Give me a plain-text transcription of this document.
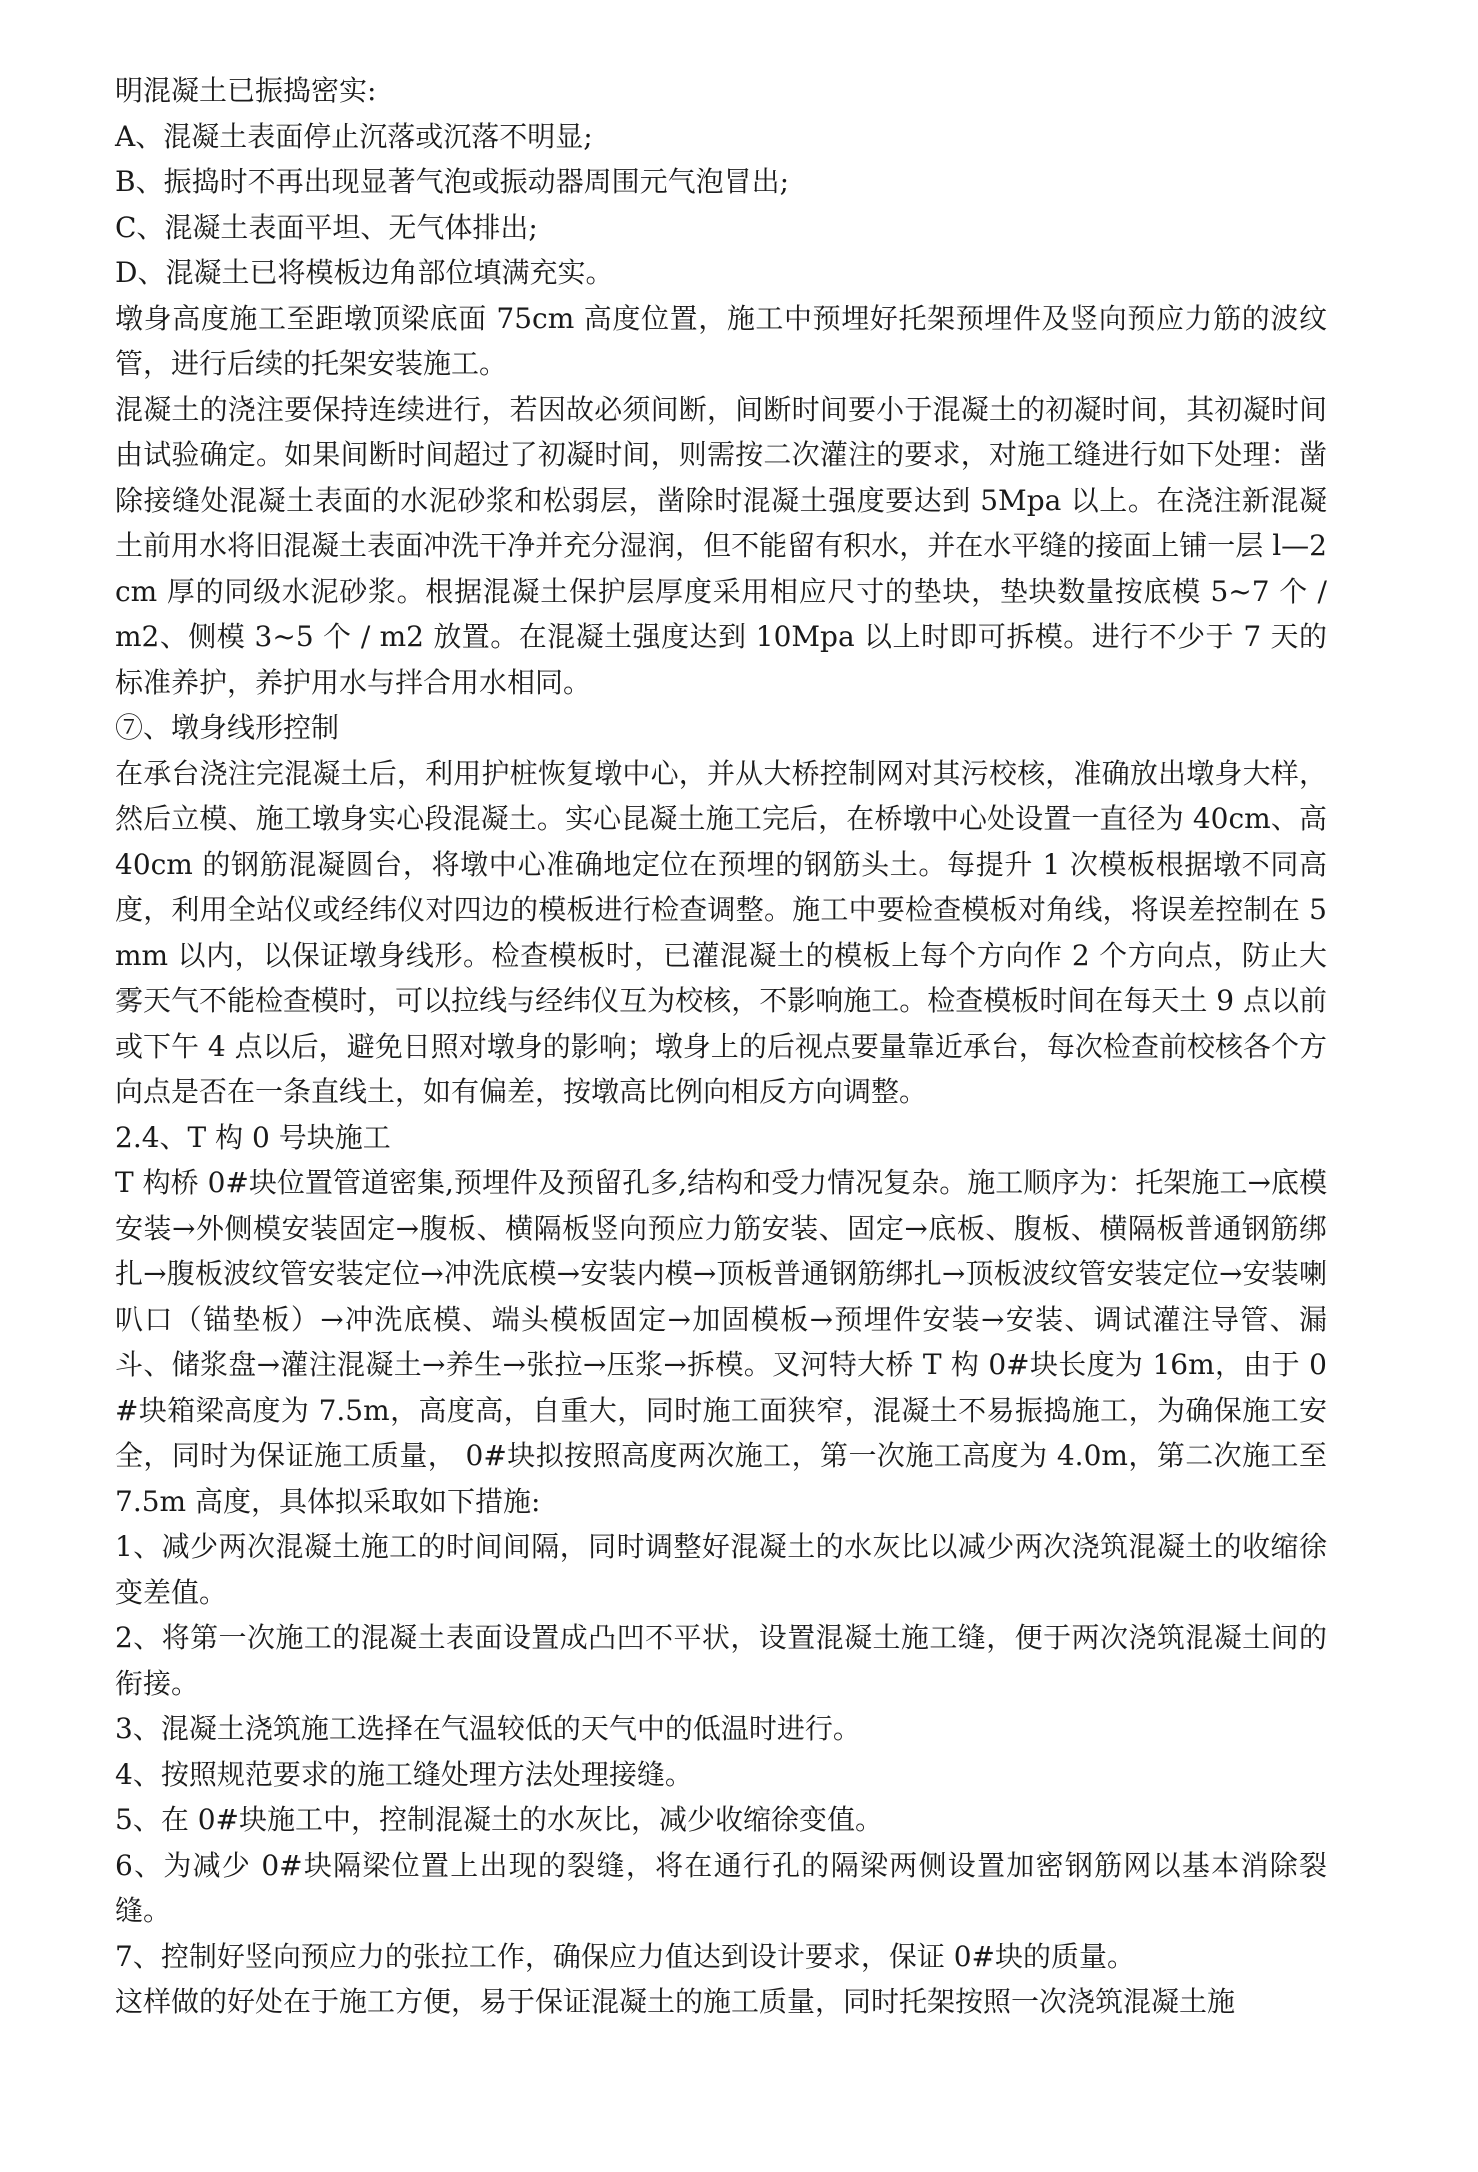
明混凝土已振捣密实:

A、混凝土表面停止沉落或沉落不明显;

B、振捣时不再出现显著气泡或振动器周围元气泡冒出;

C、混凝土表面平坦、无气体排出;

D、混凝土已将模板边角部位填满充实。

墩身高度施工至距墩顶梁底面 75cm 高度位置，施工中预埋好托架预埋件及竖向预应力筋的波纹管，进行后续的托架安装施工。

混凝土的浇注要保持连续进行，若因故必须间断，间断时间要小于混凝土的初凝时间，其初凝时间由试验确定。如果间断时间超过了初凝时间，则需按二次灌注的要求，对施工缝进行如下处理：凿除接缝处混凝土表面的水泥砂浆和松弱层，凿除时混凝土强度要达到 5Mpa 以上。在浇注新混凝土前用水将旧混凝土表面冲洗干净并充分湿润，但不能留有积水，并在水平缝的接面上铺一层 l—2cm 厚的同级水泥砂浆。根据混凝土保护层厚度采用相应尺寸的垫块，垫块数量按底模 5~7 个 / m2、侧模 3~5 个 / m2 放置。在混凝土强度达到 10Mpa 以上时即可拆模。进行不少于 7 天的标准养护，养护用水与拌合用水相同。

⑦、墩身线形控制

在承台浇注完混凝土后，利用护桩恢复墩中心，并从大桥控制网对其污校核，准确放出墩身大样，然后立模、施工墩身实心段混凝土。实心昆凝土施工完后，在桥墩中心处设置一直径为 40cm、高 40cm 的钢筋混凝圆台，将墩中心准确地定位在预埋的钢筋头土。每提升 1 次模板根据墩不同高度，利用全站仪或经纬仪对四边的模板进行检查调整。施工中要检查模板对角线，将误差控制在 5mm 以内，以保证墩身线形。检查模板时，已灌混凝土的模板上每个方向作 2 个方向点，防止大雾天气不能检查模时，可以拉线与经纬仪互为校核，不影响施工。检查模板时间在每天土 9 点以前或下午 4 点以后，避免日照对墩身的影响；墩身上的后视点要量靠近承台，每次检查前校核各个方向点是否在一条直线土，如有偏差，按墩高比例向相反方向调整。

2.4、T 构 0 号块施工

T 构桥 0#块位置管道密集,预埋件及预留孔多,结构和受力情况复杂。施工顺序为：托架施工→底模安装→外侧模安装固定→腹板、横隔板竖向预应力筋安装、固定→底板、腹板、横隔板普通钢筋绑扎→腹板波纹管安装定位→冲洗底模→安装内模→顶板普通钢筋绑扎→顶板波纹管安装定位→安装喇叭口（锚垫板）→冲洗底模、端头模板固定→加固模板→预埋件安装→安装、调试灌注导管、漏斗、储浆盘→灌注混凝土→养生→张拉→压浆→拆模。叉河特大桥 T 构 0#块长度为 16m，由于 0#块箱梁高度为 7.5m，高度高，自重大，同时施工面狭窄，混凝土不易振捣施工，为确保施工安全，同时为保证施工质量， 0#块拟按照高度两次施工，第一次施工高度为 4.0m，第二次施工至 7.5m 高度，具体拟采取如下措施:

1、减少两次混凝土施工的时间间隔，同时调整好混凝土的水灰比以减少两次浇筑混凝土的收缩徐变差值。

2、将第一次施工的混凝土表面设置成凸凹不平状，设置混凝土施工缝，便于两次浇筑混凝土间的衔接。

3、混凝土浇筑施工选择在气温较低的天气中的低温时进行。

4、按照规范要求的施工缝处理方法处理接缝。

5、在 0#块施工中，控制混凝土的水灰比，减少收缩徐变值。

6、为减少 0#块隔梁位置上出现的裂缝，将在通行孔的隔梁两侧设置加密钢筋网以基本消除裂缝。

7、控制好竖向预应力的张拉工作，确保应力值达到设计要求，保证 0#块的质量。

这样做的好处在于施工方便，易于保证混凝土的施工质量，同时托架按照一次浇筑混凝土施
